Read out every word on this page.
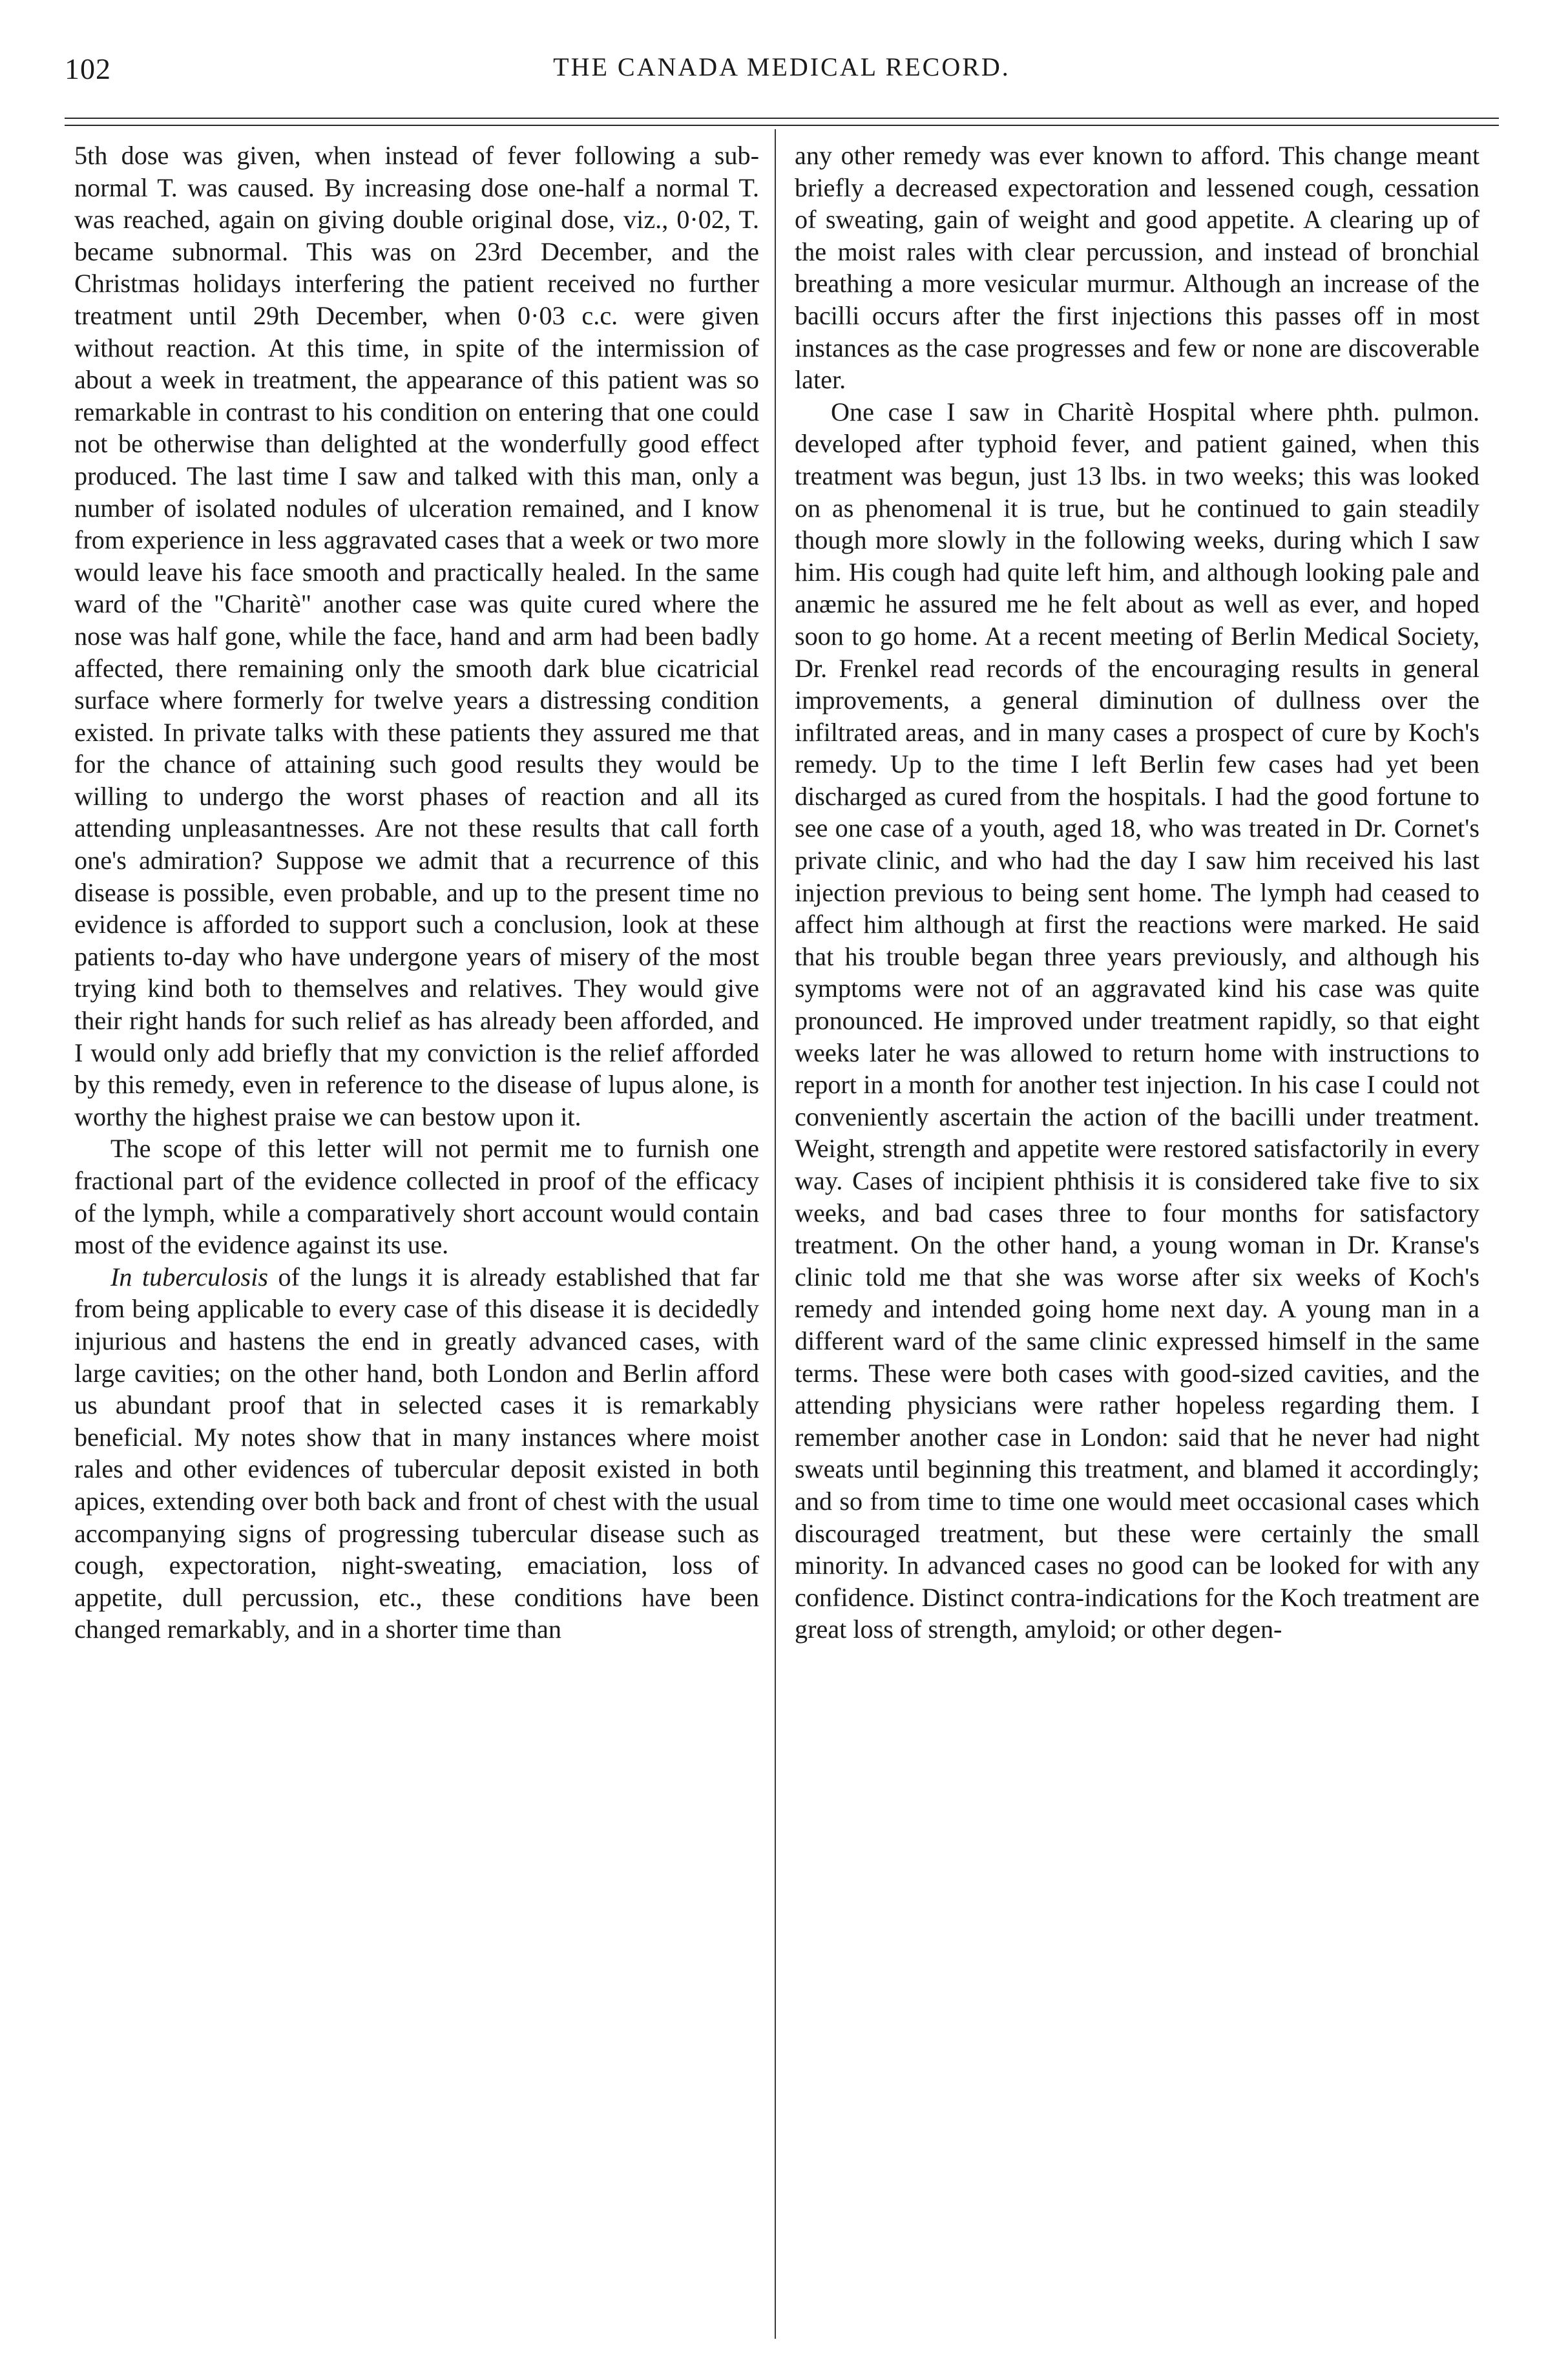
102	THE CANADA MEDICAL RECORD.

5th dose was given, when instead of fever following a sub-normal T. was caused. By increasing dose one-half a normal T. was reached, again on giving double original dose, viz., 0·02, T. became subnormal. This was on 23rd December, and the Christmas holidays interfering the patient received no further treatment until 29th December, when 0·03 c.c. were given without reaction. At this time, in spite of the intermission of about a week in treatment, the appearance of this patient was so remarkable in contrast to his condition on entering that one could not be otherwise than delighted at the wonderfully good effect produced. The last time I saw and talked with this man, only a number of isolated nodules of ulceration remained, and I know from experience in less aggravated cases that a week or two more would leave his face smooth and practically healed. In the same ward of the "Charitè" another case was quite cured where the nose was half gone, while the face, hand and arm had been badly affected, there remaining only the smooth dark blue cicatricial surface where formerly for twelve years a distressing condition existed. In private talks with these patients they assured me that for the chance of attaining such good results they would be willing to undergo the worst phases of reaction and all its attending unpleasantnesses. Are not these results that call forth one's admiration? Suppose we admit that a recurrence of this disease is possible, even probable, and up to the present time no evidence is afforded to support such a conclusion, look at these patients to-day who have undergone years of misery of the most trying kind both to themselves and relatives. They would give their right hands for such relief as has already been afforded, and I would only add briefly that my conviction is the relief afforded by this remedy, even in reference to the disease of lupus alone, is worthy the highest praise we can bestow upon it.

The scope of this letter will not permit me to furnish one fractional part of the evidence collected in proof of the efficacy of the lymph, while a comparatively short account would contain most of the evidence against its use.

In tuberculosis of the lungs it is already established that far from being applicable to every case of this disease it is decidedly injurious and hastens the end in greatly advanced cases, with large cavities; on the other hand, both London and Berlin afford us abundant proof that in selected cases it is remarkably beneficial. My notes show that in many instances where moist rales and other evidences of tubercular deposit existed in both apices, extending over both back and front of chest with the usual accompanying signs of progressing tubercular disease such as cough, expectoration, night-sweating, emaciation, loss of appetite, dull percussion, etc., these conditions have been changed remarkably, and in a shorter time than

any other remedy was ever known to afford. This change meant briefly a decreased expectoration and lessened cough, cessation of sweating, gain of weight and good appetite. A clearing up of the moist rales with clear percussion, and instead of bronchial breathing a more vesicular murmur. Although an increase of the bacilli occurs after the first injections this passes off in most instances as the case progresses and few or none are discoverable later.

One case I saw in Charitè Hospital where phth. pulmon. developed after typhoid fever, and patient gained, when this treatment was begun, just 13 lbs. in two weeks; this was looked on as phenomenal it is true, but he continued to gain steadily though more slowly in the following weeks, during which I saw him. His cough had quite left him, and although looking pale and anæmic he assured me he felt about as well as ever, and hoped soon to go home. At a recent meeting of Berlin Medical Society, Dr. Frenkel read records of the encouraging results in general improvements, a general diminution of dullness over the infiltrated areas, and in many cases a prospect of cure by Koch's remedy. Up to the time I left Berlin few cases had yet been discharged as cured from the hospitals. I had the good fortune to see one case of a youth, aged 18, who was treated in Dr. Cornet's private clinic, and who had the day I saw him received his last injection previous to being sent home. The lymph had ceased to affect him although at first the reactions were marked. He said that his trouble began three years previously, and although his symptoms were not of an aggravated kind his case was quite pronounced. He improved under treatment rapidly, so that eight weeks later he was allowed to return home with instructions to report in a month for another test injection. In his case I could not conveniently ascertain the action of the bacilli under treatment. Weight, strength and appetite were restored satisfactorily in every way. Cases of incipient phthisis it is considered take five to six weeks, and bad cases three to four months for satisfactory treatment. On the other hand, a young woman in Dr. Kranse's clinic told me that she was worse after six weeks of Koch's remedy and intended going home next day. A young man in a different ward of the same clinic expressed himself in the same terms. These were both cases with good-sized cavities, and the attending physicians were rather hopeless regarding them. I remember another case in London: said that he never had night sweats until beginning this treatment, and blamed it accordingly; and so from time to time one would meet occasional cases which discouraged treatment, but these were certainly the small minority. In advanced cases no good can be looked for with any confidence. Distinct contra-indications for the Koch treatment are great loss of strength, amyloid; or other degen-
